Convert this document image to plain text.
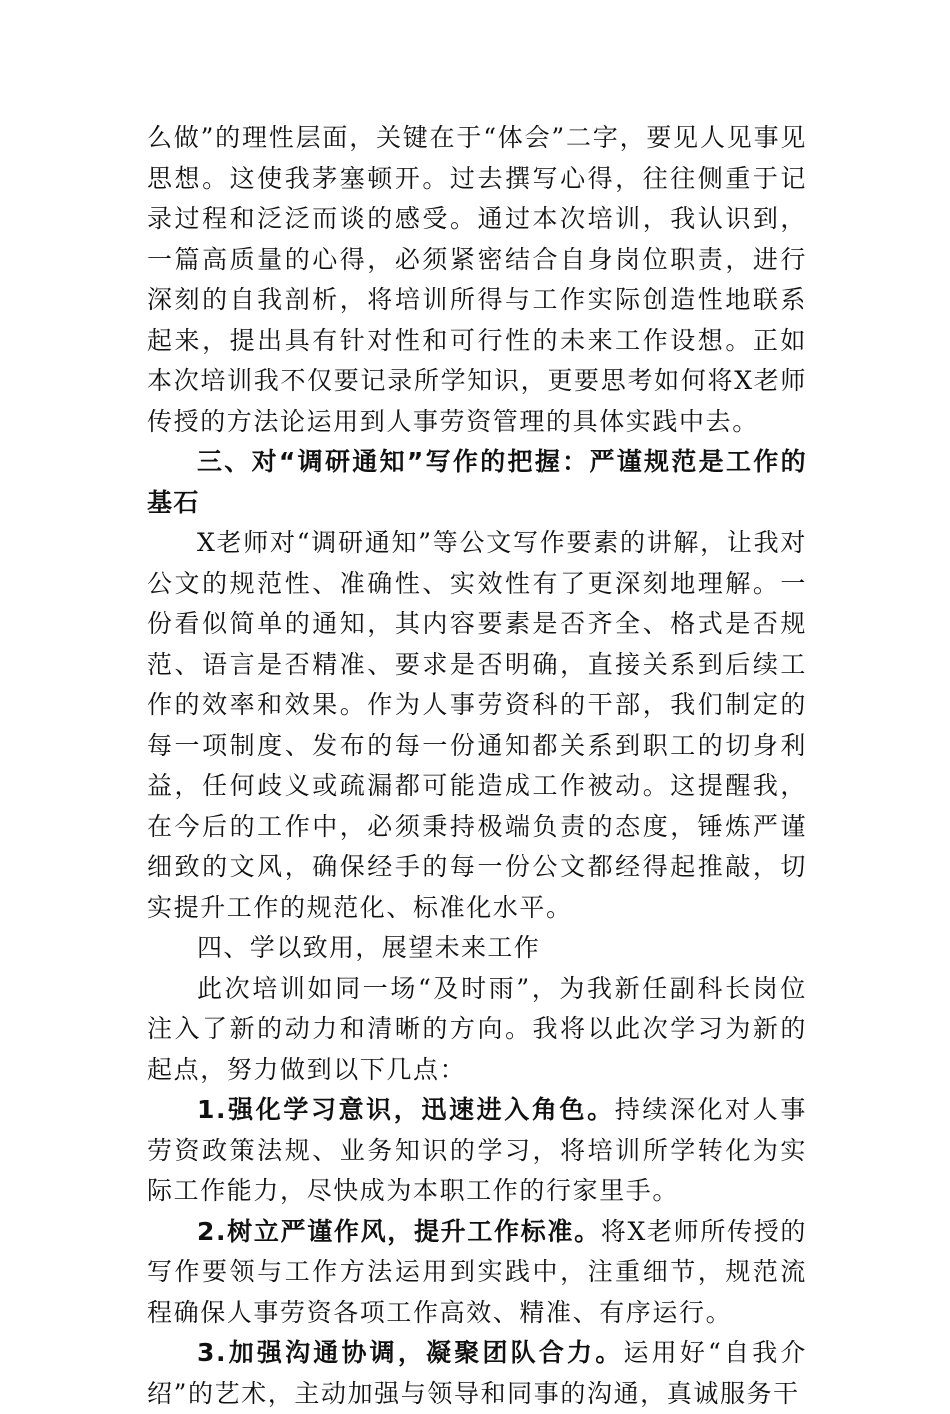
么做”的理性层面，关键在于“体会”二字，要见人见事见思想。这使我茅塞顿开。过去撰写心得，往往侧重于记录过程和泛泛而谈的感受。通过本次培训，我认识到，一篇高质量的心得，必须紧密结合自身岗位职责，进行深刻的自我剖析，将培训所得与工作实际创造性地联系起来，提出具有针对性和可行性的未来工作设想。正如本次培训我不仅要记录所学知识，更要思考如何将X老师传授的方法论运用到人事劳资管理的具体实践中去。

三、对“调研通知”写作的把握：严谨规范是工作的基石

X老师对“调研通知”等公文写作要素的讲解，让我对公文的规范性、准确性、实效性有了更深刻地理解。一份看似简单的通知，其内容要素是否齐全、格式是否规范、语言是否精准、要求是否明确，直接关系到后续工作的效率和效果。作为人事劳资科的干部，我们制定的每一项制度、发布的每一份通知都关系到职工的切身利益，任何歧义或疏漏都可能造成工作被动。这提醒我，在今后的工作中，必须秉持极端负责的态度，锤炼严谨细致的文风，确保经手的每一份公文都经得起推敲，切实提升工作的规范化、标准化水平。

四、学以致用，展望未来工作

此次培训如同一场“及时雨”，为我新任副科长岗位注入了新的动力和清晰的方向。我将以此次学习为新的起点，努力做到以下几点：

1.强化学习意识，迅速进入角色。持续深化对人事劳资政策法规、业务知识的学习，将培训所学转化为实际工作能力，尽快成为本职工作的行家里手。

2.树立严谨作风，提升工作标准。将X老师所传授的写作要领与工作方法运用到实践中，注重细节，规范流程确保人事劳资各项工作高效、精准、有序运行。

3.加强沟通协调，凝聚团队合力。运用好“自我介绍”的艺术，主动加强与领导和同事的沟通，真诚服务干
